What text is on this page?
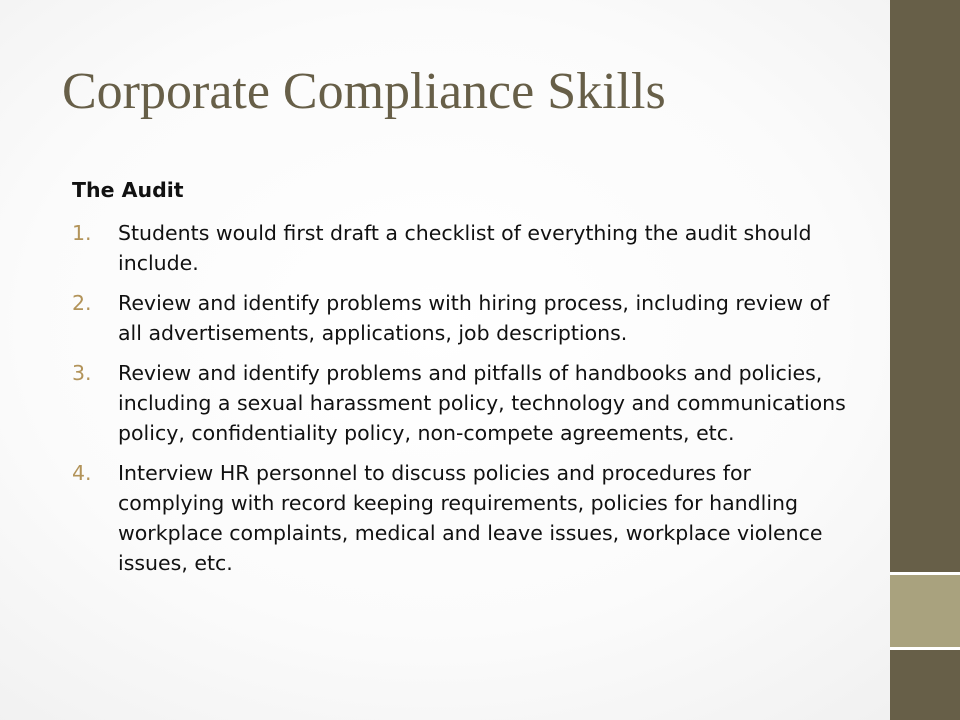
Corporate Compliance Skills
The Audit
1. Students would first draft a checklist of everything the audit should include.
2. Review and identify problems with hiring process, including review of all advertisements, applications, job descriptions.
3. Review and identify problems and pitfalls of handbooks and policies, including a sexual harassment policy, technology and communications policy, confidentiality policy, non-compete agreements, etc.
4. Interview HR personnel to discuss policies and procedures for complying with record keeping requirements, policies for handling workplace complaints, medical and leave issues, workplace violence issues, etc.
